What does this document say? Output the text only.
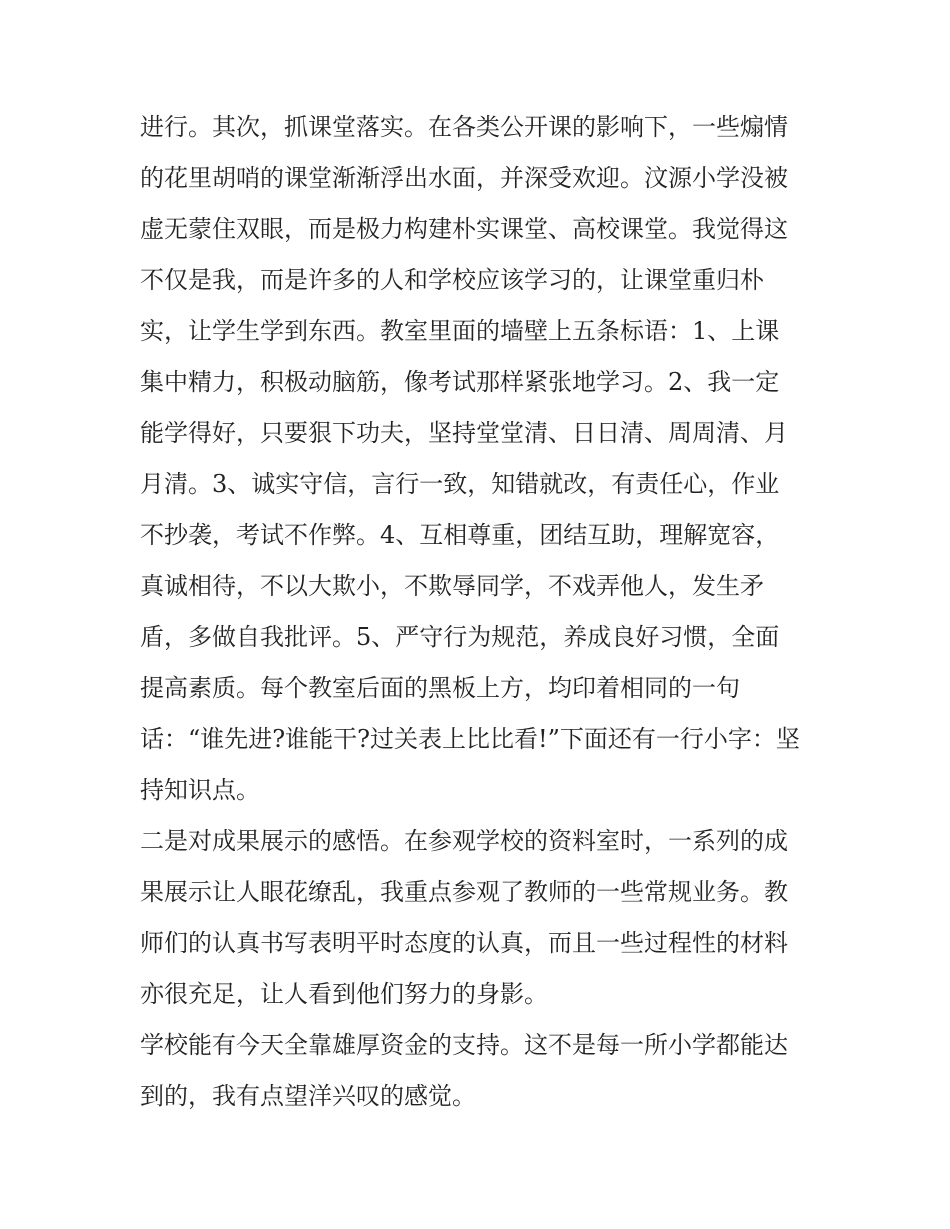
进行。其次，抓课堂落实。在各类公开课的影响下，一些煽情
的花里胡哨的课堂渐渐浮出水面，并深受欢迎。汶源小学没被
虚无蒙住双眼，而是极力构建朴实课堂、高校课堂。我觉得这
不仅是我，而是许多的人和学校应该学习的，让课堂重归朴
实，让学生学到东西。教室里面的墙壁上五条标语：1、上课
集中精力，积极动脑筋，像考试那样紧张地学习。2、我一定
能学得好，只要狠下功夫，坚持堂堂清、日日清、周周清、月
月清。3、诚实守信，言行一致，知错就改，有责任心，作业
不抄袭，考试不作弊。4、互相尊重，团结互助，理解宽容，
真诚相待，不以大欺小，不欺辱同学，不戏弄他人，发生矛
盾，多做自我批评。5、严守行为规范，养成良好习惯，全面
提高素质。每个教室后面的黑板上方，均印着相同的一句
话：“谁先进?谁能干?过关表上比比看!”下面还有一行小字：坚
持知识点。
二是对成果展示的感悟。在参观学校的资料室时，一系列的成
果展示让人眼花缭乱，我重点参观了教师的一些常规业务。教
师们的认真书写表明平时态度的认真，而且一些过程性的材料
亦很充足，让人看到他们努力的身影。
学校能有今天全靠雄厚资金的支持。这不是每一所小学都能达
到的，我有点望洋兴叹的感觉。
